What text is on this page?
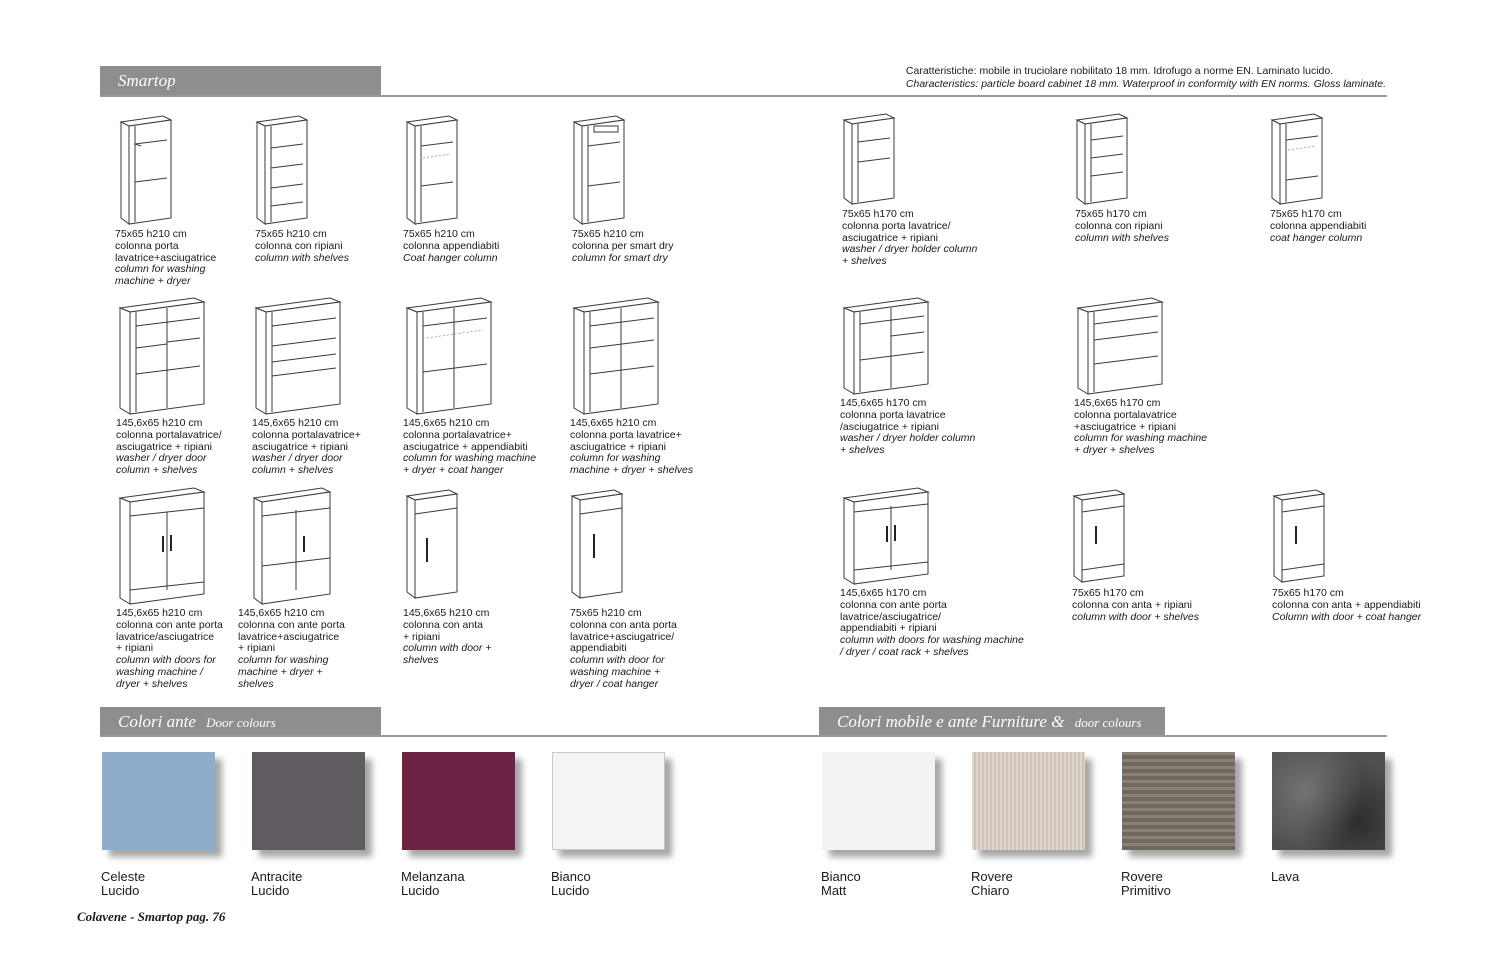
Smartop	Caratteristiche: mobile in truciolare nobilitato 18 mm. Idrofugo a norme EN. Laminato lucido.
Characteristics: particle board cabinet 18 mm. Waterproof in conformity with EN norms. Gloss laminate.
75x65 h210 cm
colonna porta
lavatrice+asciugatrice
column for washing
machine + dryer
75x65 h210 cm
colonna con ripiani
column with shelves
75x65 h210 cm
colonna appendiabiti
Coat hanger column
75x65 h210 cm
colonna per smart dry
column for smart dry
75x65 h170 cm
colonna porta lavatrice/
asciugatrice + ripiani
washer / dryer holder column
+ shelves
75x65 h170 cm
colonna con ripiani
column with shelves
75x65 h170 cm
colonna appendiabiti
coat hanger column
145,6x65 h210 cm
colonna portalavatrice/
asciugatrice + ripiani
washer / dryer door
column + shelves
145,6x65 h210 cm
colonna portalavatrice+
asciugatrice + ripiani
washer / dryer door
column + shelves
145,6x65 h210 cm
colonna portalavatrice+
asciugatrice + appendiabiti
column for washing machine
+ dryer + coat hanger
145,6x65 h210 cm
colonna porta lavatrice+
asciugatrice + ripiani
column for washing
machine + dryer + shelves
145,6x65 h170 cm
colonna porta lavatrice
/asciugatrice + ripiani
washer / dryer holder column
+ shelves
145,6x65 h170 cm
colonna portalavatrice
+asciugatrice + ripiani
column for washing machine
+ dryer + shelves
145,6x65 h210 cm
colonna con ante porta
lavatrice/asciugatrice
+ ripiani
column with doors for
washing machine /
dryer + shelves
145,6x65 h210 cm
colonna con ante porta
lavatrice+asciugatrice
+ ripiani
column for washing
machine + dryer +
shelves
145,6x65 h210 cm
colonna con anta
+ ripiani
column with door +
shelves
75x65 h210 cm
colonna con anta porta
lavatrice+asciugatrice/
appendiabiti
column with door for
washing machine +
dryer / coat hanger
145,6x65 h170 cm
colonna con ante porta
lavatrice/asciugatrice/
appendiabiti + ripiani
column with doors for washing machine
/ dryer / coat rack + shelves
75x65 h170 cm
colonna con anta + ripiani
column with door + shelves
75x65 h170 cm
colonna con anta + appendiabiti
Column with door + coat hanger
Colori ante Door colours	Colori mobile e ante Furniture & door colours
Celeste
Lucido
Antracite
Lucido
Melanzana
Lucido
Bianco
Lucido
Bianco
Matt
Rovere
Chiaro
Rovere
Primitivo
Lava
Colavene - Smartop pag. 76
